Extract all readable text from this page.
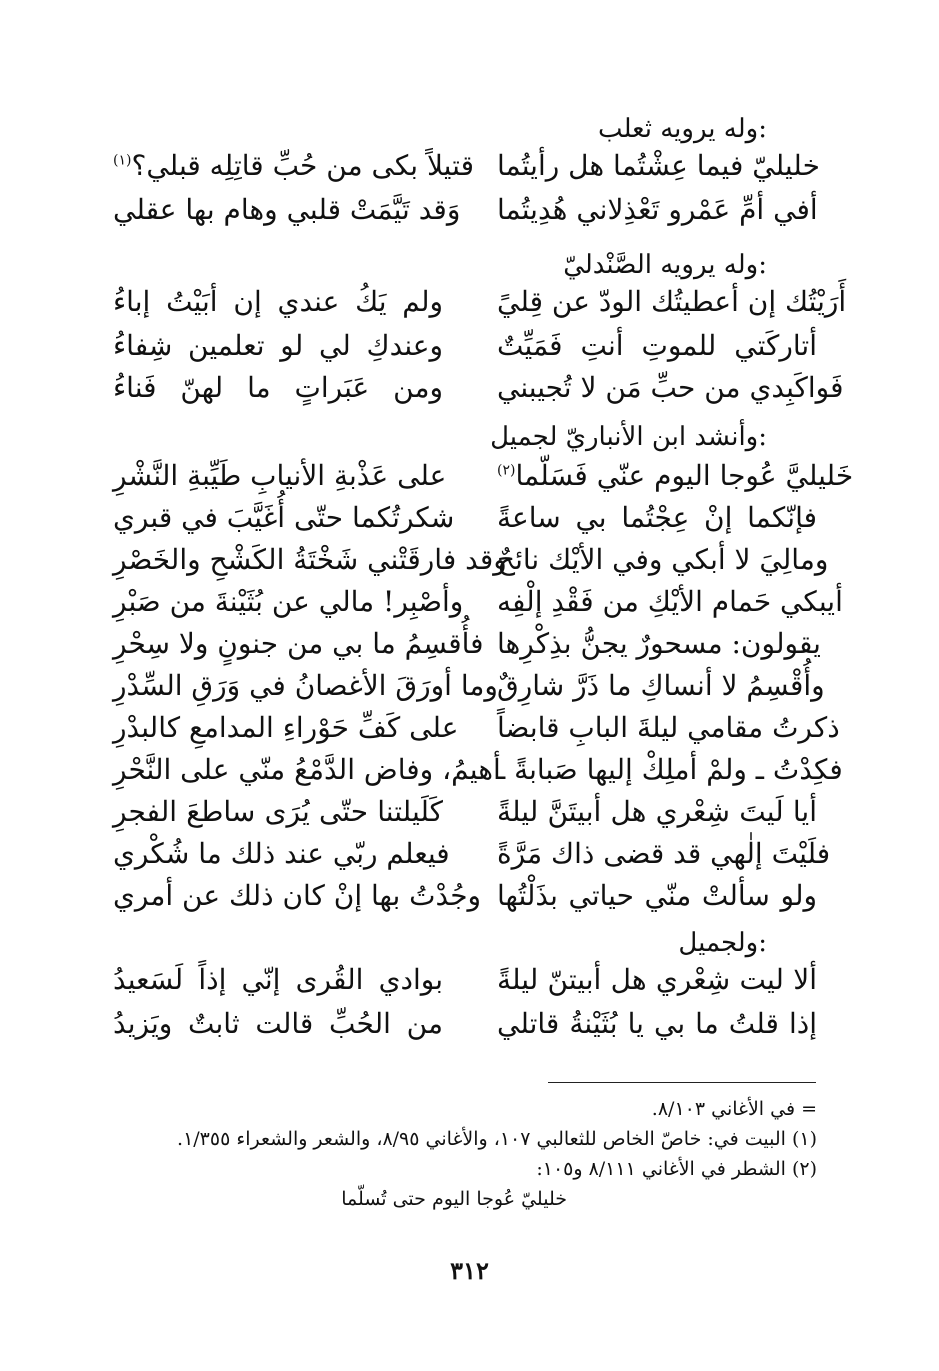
وله يرويه ثعلب:
خليليّ فيما عِشْتُما هل رأيتُما
قتيلاً بكى من حُبِّ قاتِلِه قبلي؟$^{(١)}$
أفي أمِّ عَمْرو تَعْذِلاني هُدِيتُما
وَقد تَيَّمَتْ قلبي وهام بها عقلي
وله يرويه الصَّنْدليّ:
أَرَيْتُك إن أعطيتُك الودّ عن قِليً
ولم يَكُ عندي إن أبَيْتُ إباءُ
أتاركَتي للموتِ أنتِ فَمَيِّتٌ
وعندكِ لي لو تعلمين شِفاءُ
فَواكَبِدي من حبِّ مَن لا تُجيبني
ومن عَبَراتٍ ما لهنّ فَناءُ
وأنشد ابن الأنباريّ لجميل:
خَليليَّ عُوجا اليوم عنّي فَسَلّما$^{(٢)}$
على عَذْبةِ الأنيابِ طَيِّبةِ النَّشْرِ
فإنّكما إنْ عِجْتُما بي ساعةً
شكرتُكما حتّى أُغَيَّبَ في قبري
ومالِيَ لا أبكي وفي الأيْك نائحٌ
وقد فارقَتْني شَخْتَةُ الكَشْحِ والخَصْرِ
أيبكي حَمام الأيْكِ من فَقْدِ إلْفِه
وأصْبِر! مالي عن بُثَيْنةَ من صَبْرِ
يقولون: مسحورٌ يجنُّ بذِكْرِها
فأُقسِمُ ما بي من جنونٍ ولا سِحْرِ
وأُقْسِمُ لا أنساكِ ما ذَرَّ شارِقٌ
وما أورَقَ الأغصانُ في وَرَقِ السِّدْرِ
ذكرتُ مقامي ليلةَ البابِ قابضاً
على كَفِّ حَوْراءِ المدامعِ كالبدْرِ
فكِدْتُ ـ ولمْ أملِكْ إليها صَبابةً ـ
أهيمُ، وفاض الدَّمْعُ منّي على النَّحْرِ
أيا لَيتَ شِعْري هل أبيتَنَّ ليلةً
كَلَيلتنا حتّى يُرَى ساطعَ الفجرِ
فلَيْتَ إلٰهي قد قضى ذاك مَرَّةً
فيعلم ربّي عند ذلك ما شُكْري
ولو سألتْ منّي حياتي بذَلْتُها
وجُدْتُ بها إنْ كان ذلك عن أمري
ولجميل:
ألا ليت شِعْري هل أبيتنّ ليلةً
بوادي القُرى إنّي إذاً لَسَعيدُ
إذا قلتُ ما بي يا بُثَيْنةُ قاتلي
من الحُبِّ قالت ثابتٌ ويَزيدُ
= في الأغاني ٨/١٠٣.
(١) البيت في: خاصّ الخاص للثعالبي ١٠٧، والأغاني ٨/٩٥، والشعر والشعراء ١/٣٥٥.
(٢) الشطر في الأغاني ٨/١١١ و١٠٥:
خليليّ عُوجا اليوم حتى تُسلّما
٣١٢
